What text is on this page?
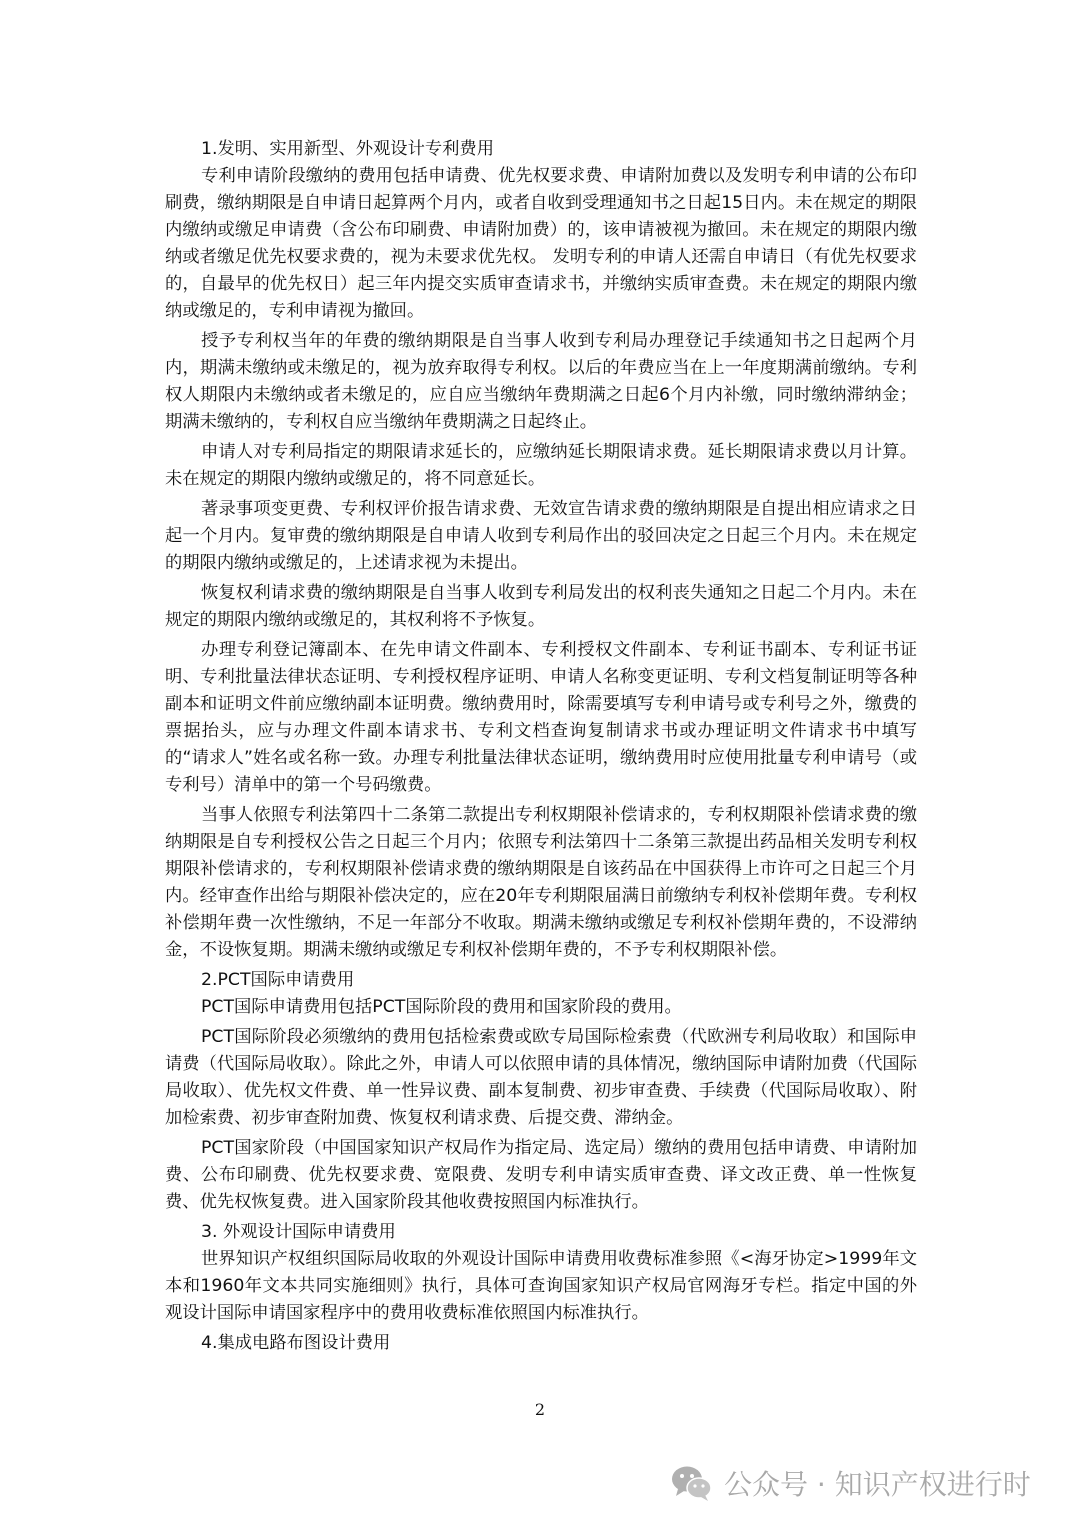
1.发明、实用新型、外观设计专利费用

专利申请阶段缴纳的费用包括申请费、优先权要求费、申请附加费以及发明专利申请的公布印刷费，缴纳期限是自申请日起算两个月内，或者自收到受理通知书之日起15日内。未在规定的期限内缴纳或缴足申请费（含公布印刷费、申请附加费）的，该申请被视为撤回。未在规定的期限内缴纳或者缴足优先权要求费的，视为未要求优先权。 发明专利的申请人还需自申请日（有优先权要求的，自最早的优先权日）起三年内提交实质审查请求书，并缴纳实质审查费。未在规定的期限内缴纳或缴足的，专利申请视为撤回。

授予专利权当年的年费的缴纳期限是自当事人收到专利局办理登记手续通知书之日起两个月内，期满未缴纳或未缴足的，视为放弃取得专利权。以后的年费应当在上一年度期满前缴纳。专利权人期限内未缴纳或者未缴足的，应自应当缴纳年费期满之日起6个月内补缴，同时缴纳滞纳金；期满未缴纳的，专利权自应当缴纳年费期满之日起终止。

申请人对专利局指定的期限请求延长的，应缴纳延长期限请求费。延长期限请求费以月计算。未在规定的期限内缴纳或缴足的，将不同意延长。

著录事项变更费、专利权评价报告请求费、无效宣告请求费的缴纳期限是自提出相应请求之日起一个月内。复审费的缴纳期限是自申请人收到专利局作出的驳回决定之日起三个月内。未在规定的期限内缴纳或缴足的，上述请求视为未提出。

恢复权利请求费的缴纳期限是自当事人收到专利局发出的权利丧失通知之日起二个月内。未在规定的期限内缴纳或缴足的，其权利将不予恢复。

办理专利登记簿副本、在先申请文件副本、专利授权文件副本、专利证书副本、专利证书证明、专利批量法律状态证明、专利授权程序证明、申请人名称变更证明、专利文档复制证明等各种副本和证明文件前应缴纳副本证明费。缴纳费用时，除需要填写专利申请号或专利号之外，缴费的票据抬头，应与办理文件副本请求书、专利文档查询复制请求书或办理证明文件请求书中填写的“请求人”姓名或名称一致。办理专利批量法律状态证明，缴纳费用时应使用批量专利申请号（或专利号）清单中的第一个号码缴费。

当事人依照专利法第四十二条第二款提出专利权期限补偿请求的，专利权期限补偿请求费的缴纳期限是自专利授权公告之日起三个月内；依照专利法第四十二条第三款提出药品相关发明专利权期限补偿请求的，专利权期限补偿请求费的缴纳期限是自该药品在中国获得上市许可之日起三个月内。经审查作出给与期限补偿决定的，应在20年专利期限届满日前缴纳专利权补偿期年费。专利权补偿期年费一次性缴纳，不足一年部分不收取。期满未缴纳或缴足专利权补偿期年费的，不设滞纳金，不设恢复期。期满未缴纳或缴足专利权补偿期年费的，不予专利权期限补偿。

2.PCT国际申请费用

PCT国际申请费用包括PCT国际阶段的费用和国家阶段的费用。

PCT国际阶段必须缴纳的费用包括检索费或欧专局国际检索费（代欧洲专利局收取）和国际申请费（代国际局收取）。除此之外，申请人可以依照申请的具体情况，缴纳国际申请附加费（代国际局收取）、优先权文件费、单一性异议费、副本复制费、初步审查费、手续费（代国际局收取）、附加检索费、初步审查附加费、恢复权利请求费、后提交费、滞纳金。

PCT国家阶段（中国国家知识产权局作为指定局、选定局）缴纳的费用包括申请费、申请附加费、公布印刷费、优先权要求费、宽限费、发明专利申请实质审查费、译文改正费、单一性恢复费、优先权恢复费。进入国家阶段其他收费按照国内标准执行。

3. 外观设计国际申请费用

世界知识产权组织国际局收取的外观设计国际申请费用收费标准参照《<海牙协定>1999年文本和1960年文本共同实施细则》执行，具体可查询国家知识产权局官网海牙专栏。指定中国的外观设计国际申请国家程序中的费用收费标准依照国内标准执行。

4.集成电路布图设计费用

2
公众号 · 知识产权进行时
